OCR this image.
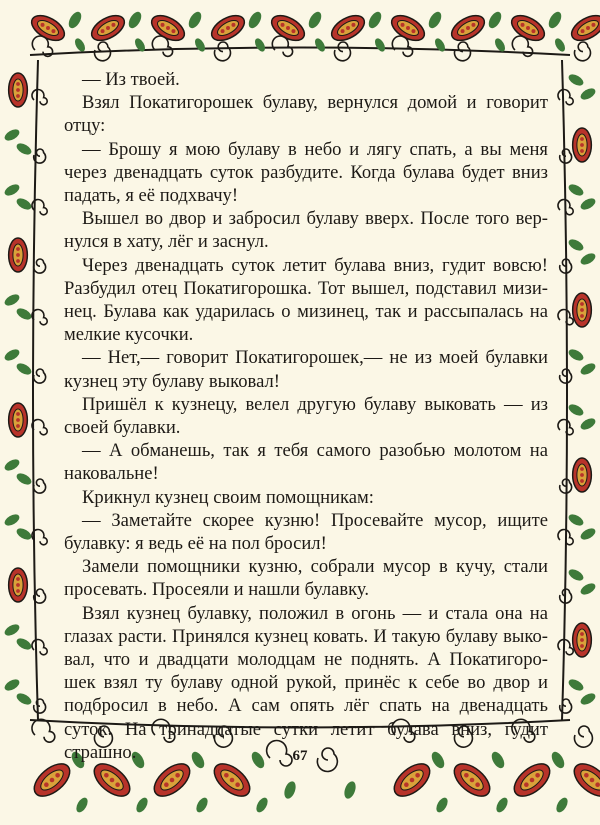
— Из твоей.
Взял Покатигорошек булаву, вернулся домой и говорит
отцу:
— Брошу я мою булаву в небо и лягу спать, а вы меня
через двенадцать суток разбудите. Когда булава будет вниз
падать, я её подхвачу!
Вышел во двор и забросил булаву вверх. После того вер-
нулся в хату, лёг и заснул.
Через двенадцать суток летит булава вниз, гудит вовсю!
Разбудил отец Покатигорошка. Тот вышел, подставил мизи-
нец. Булава как ударилась о мизинец, так и рассыпалась на
мелкие кусочки.
— Нет,— говорит Покатигорошек,— не из моей булавки
кузнец эту булаву выковал!
Пришёл к кузнецу, велел другую булаву выковать — из
своей булавки.
— А обманешь, так я тебя самого разобью молотом на
наковальне!
Крикнул кузнец своим помощникам:
— Заметайте скорее кузню! Просевайте мусор, ищите
булавку: я ведь её на пол бросил!
Замели помощники кузню, собрали мусор в кучу, стали
просевать. Просеяли и нашли булавку.
Взял кузнец булавку, положил в огонь — и стала она на
глазах расти. Принялся кузнец ковать. И такую булаву выко-
вал, что и двадцати молодцам не поднять. А Покатигоро-
шек взял ту булаву одной рукой, принёс к себе во двор и
подбросил в небо. А сам опять лёг спать на двенадцать
суток. На тринадцатые сутки летит булава вниз, гудит
страшно.	67
